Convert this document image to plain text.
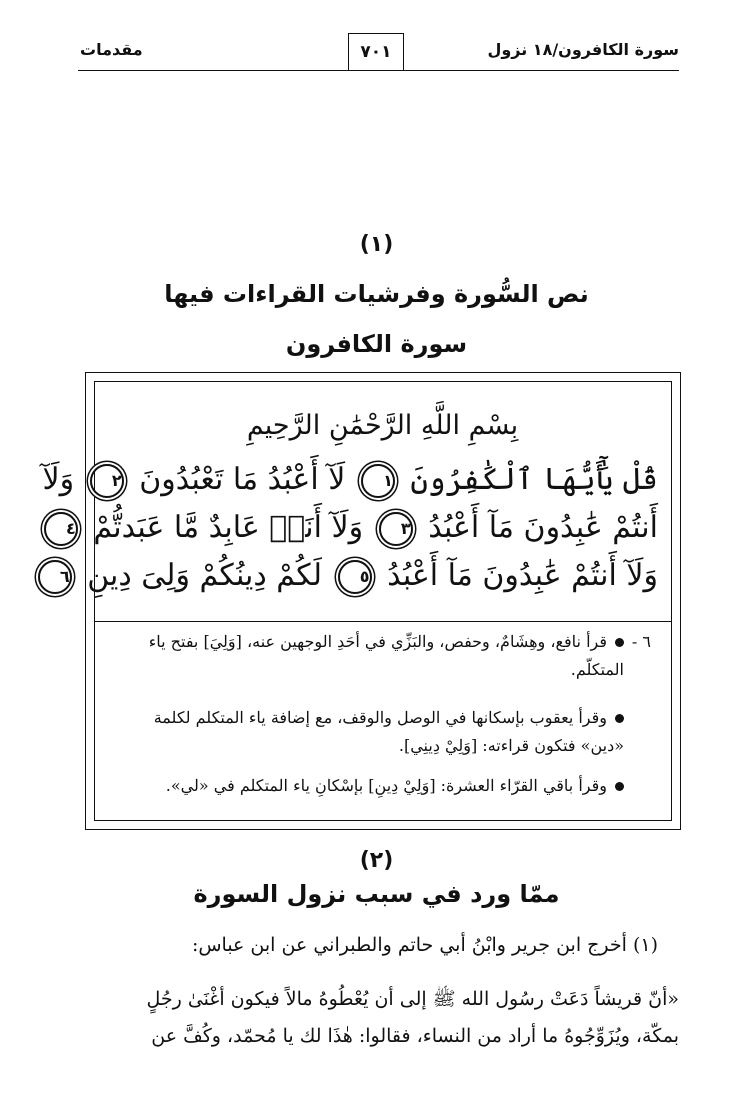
سورة الكافرون/١٨ نزول
٧٠١
مقدمات
(١)
نص السُّورة وفرشيات القراءات فيها
سورة الكافرون
بِسْمِ اللَّهِ الرَّحْمَٰنِ الرَّحِيمِ
قُلْ يَٰٓأَيُّهَا ٱلْكَٰفِرُونَ ١ لَآ أَعْبُدُ مَا تَعْبُدُونَ ٢ وَلَآ
أَنتُمْ عَٰبِدُونَ مَآ أَعْبُدُ ٣ وَلَآ أَنَا۠ عَابِدٌ مَّا عَبَدتُّمْ ٤
وَلَآ أَنتُمْ عَٰبِدُونَ مَآ أَعْبُدُ ٥ لَكُمْ دِينُكُمْ وَلِىَ دِينِ ٦
٦ -
قرأ نافع، وهِشَامٌ، وحفص، والبَزِّي في أحَدِ الوجهين عنه، [وَلِيَ] بفتح ياء المتكلّم.
وقرأ يعقوب بإسكانها في الوصل والوقف، مع إضافة ياء المتكلم لكلمة «دين» فتكون قراءته: [وَلِيْ دِينِي].
وقرأ باقي القرّاء العشرة: [وَلِيْ دِينِ] بإسْكانِ ياء المتكلم في «لي».
(٢)
ممّا ورد في سبب نزول السورة
(١) أخرج ابن جرير وابْنُ أبي حاتم والطبراني عن ابن عباس:
«أنّ قريشاً دَعَتْ رسُول الله ﷺ إلى أن يُعْطُوهُ مالاً فيكون أغْنَىٰ رجُلٍ
بمكّة، ويُزَوِّجُوهُ ما أراد من النساء، فقالوا: هٰذَا لك يا مُحمّد، وكُفَّ عن
